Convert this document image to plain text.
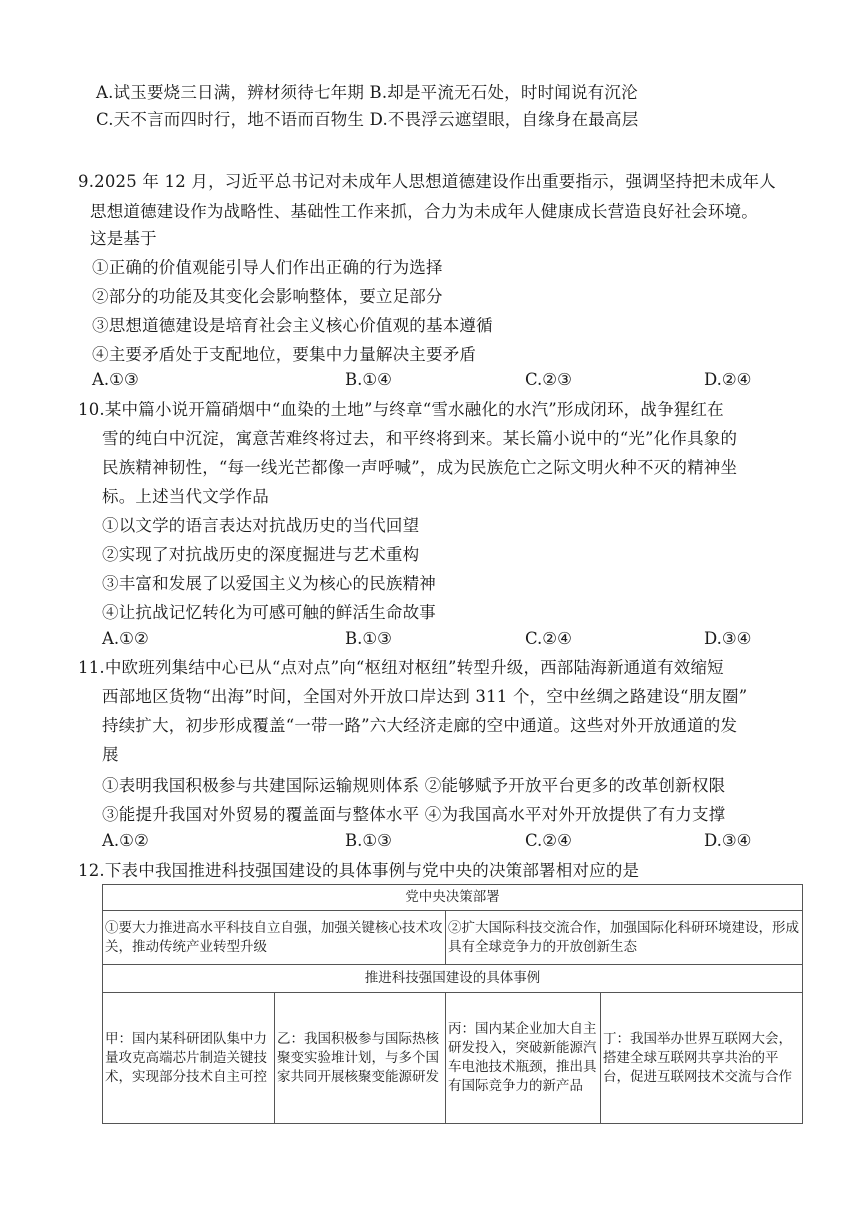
A.试玉要烧三日满，辨材须待七年期 B.却是平流无石处，时时闻说有沉沦
C.天不言而四时行，地不语而百物生 D.不畏浮云遮望眼，自缘身在最高层
9.2025 年 12 月，习近平总书记对未成年人思想道德建设作出重要指示，强调坚持把未成年人
思想道德建设作为战略性、基础性工作来抓，合力为未成年人健康成长营造良好社会环境。
这是基于
①正确的价值观能引导人们作出正确的行为选择
②部分的功能及其变化会影响整体，要立足部分
③思想道德建设是培育社会主义核心价值观的基本遵循
④主要矛盾处于支配地位，要集中力量解决主要矛盾
A.①③	B.①④	C.②③	D.②④
10.某中篇小说开篇硝烟中“血染的土地”与终章“雪水融化的水汽”形成闭环，战争猩红在
雪的纯白中沉淀，寓意苦难终将过去，和平终将到来。某长篇小说中的“光”化作具象的
民族精神韧性，“每一线光芒都像一声呼喊”，成为民族危亡之际文明火种不灭的精神坐
标。上述当代文学作品
①以文学的语言表达对抗战历史的当代回望
②实现了对抗战历史的深度掘进与艺术重构
③丰富和发展了以爱国主义为核心的民族精神
④让抗战记忆转化为可感可触的鲜活生命故事
A.①②	B.①③	C.②④	D.③④
11.中欧班列集结中心已从“点对点”向“枢纽对枢纽”转型升级，西部陆海新通道有效缩短
西部地区货物“出海”时间，全国对外开放口岸达到 311 个，空中丝绸之路建设“朋友圈”
持续扩大，初步形成覆盖“一带一路”六大经济走廊的空中通道。这些对外开放通道的发
展
①表明我国积极参与共建国际运输规则体系 ②能够赋予开放平台更多的改革创新权限
③能提升我国对外贸易的覆盖面与整体水平 ④为我国高水平对外开放提供了有力支撑
A.①②	B.①③	C.②④	D.③④
12.下表中我国推进科技强国建设的具体事例与党中央的决策部署相对应的是
党中央决策部署			
①要大力推进高水平科技自立自强，加强关键核心技术攻关，推动传统产业转型升级		②扩大国际科技交流合作，加强国际化科研环境建设，形成具有全球竞争力的开放创新生态	
推进科技强国建设的具体事例			
甲：国内某科研团队集中力量攻克高端芯片制造关键技术，实现部分技术自主可控	乙：我国积极参与国际热核聚变实验堆计划，与多个国家共同开展核聚变能源研发	丙：国内某企业加大自主研发投入，突破新能源汽车电池技术瓶颈，推出具有国际竞争力的新产品	丁：我国举办世界互联网大会，搭建全球互联网共享共治的平台，促进互联网技术交流与合作
